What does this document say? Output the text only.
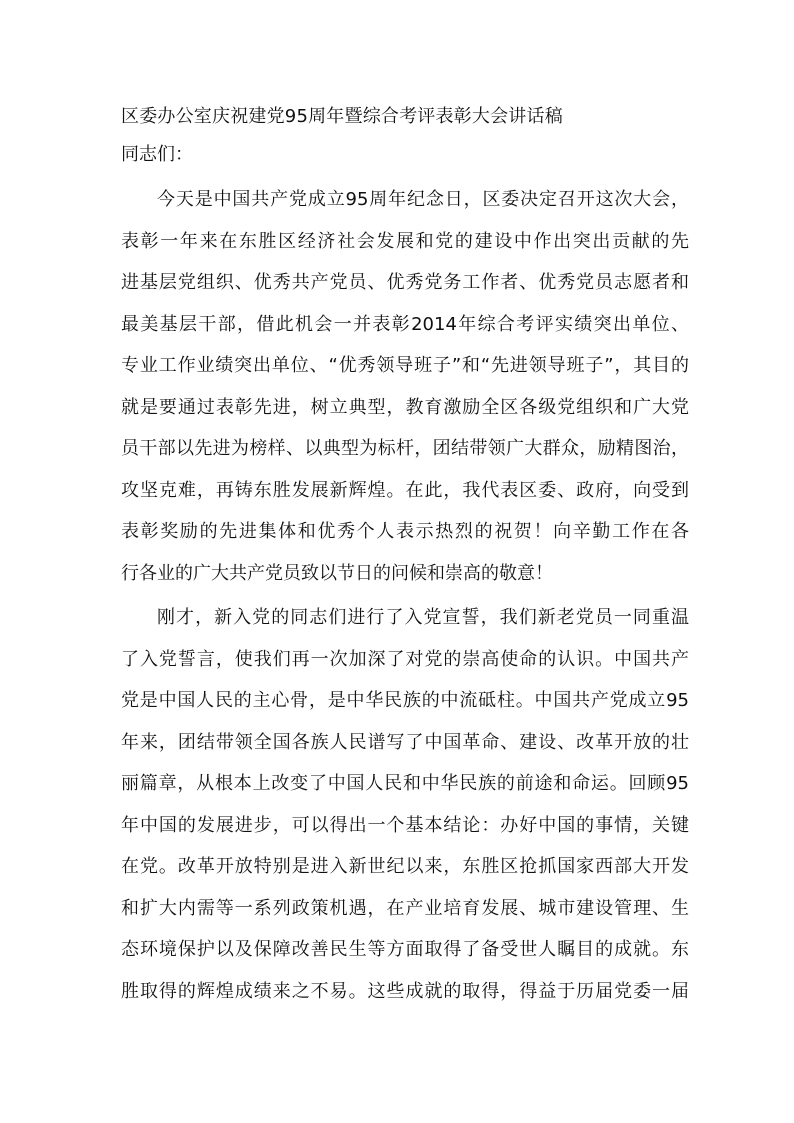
区委办公室庆祝建党95周年暨综合考评表彰大会讲话稿

同志们：

今天是中国共产党成立95周年纪念日，区委决定召开这次大会，
表彰一年来在东胜区经济社会发展和党的建设中作出突出贡献的先
进基层党组织、优秀共产党员、优秀党务工作者、优秀党员志愿者和
最美基层干部，借此机会一并表彰2014年综合考评实绩突出单位、
专业工作业绩突出单位、“优秀领导班子”和“先进领导班子”，其目的
就是要通过表彰先进，树立典型，教育激励全区各级党组织和广大党
员干部以先进为榜样、以典型为标杆，团结带领广大群众，励精图治，
攻坚克难，再铸东胜发展新辉煌。在此，我代表区委、政府，向受到
表彰奖励的先进集体和优秀个人表示热烈的祝贺！向辛勤工作在各
行各业的广大共产党员致以节日的问候和崇高的敬意！
刚才，新入党的同志们进行了入党宣誓，我们新老党员一同重温
了入党誓言，使我们再一次加深了对党的崇高使命的认识。中国共产
党是中国人民的主心骨，是中华民族的中流砥柱。中国共产党成立95
年来，团结带领全国各族人民谱写了中国革命、建设、改革开放的壮
丽篇章，从根本上改变了中国人民和中华民族的前途和命运。回顾95
年中国的发展进步，可以得出一个基本结论：办好中国的事情，关键
在党。改革开放特别是进入新世纪以来，东胜区抢抓国家西部大开发
和扩大内需等一系列政策机遇，在产业培育发展、城市建设管理、生
态环境保护以及保障改善民生等方面取得了备受世人瞩目的成就。东
胜取得的辉煌成绩来之不易。这些成就的取得，得益于历届党委一届
